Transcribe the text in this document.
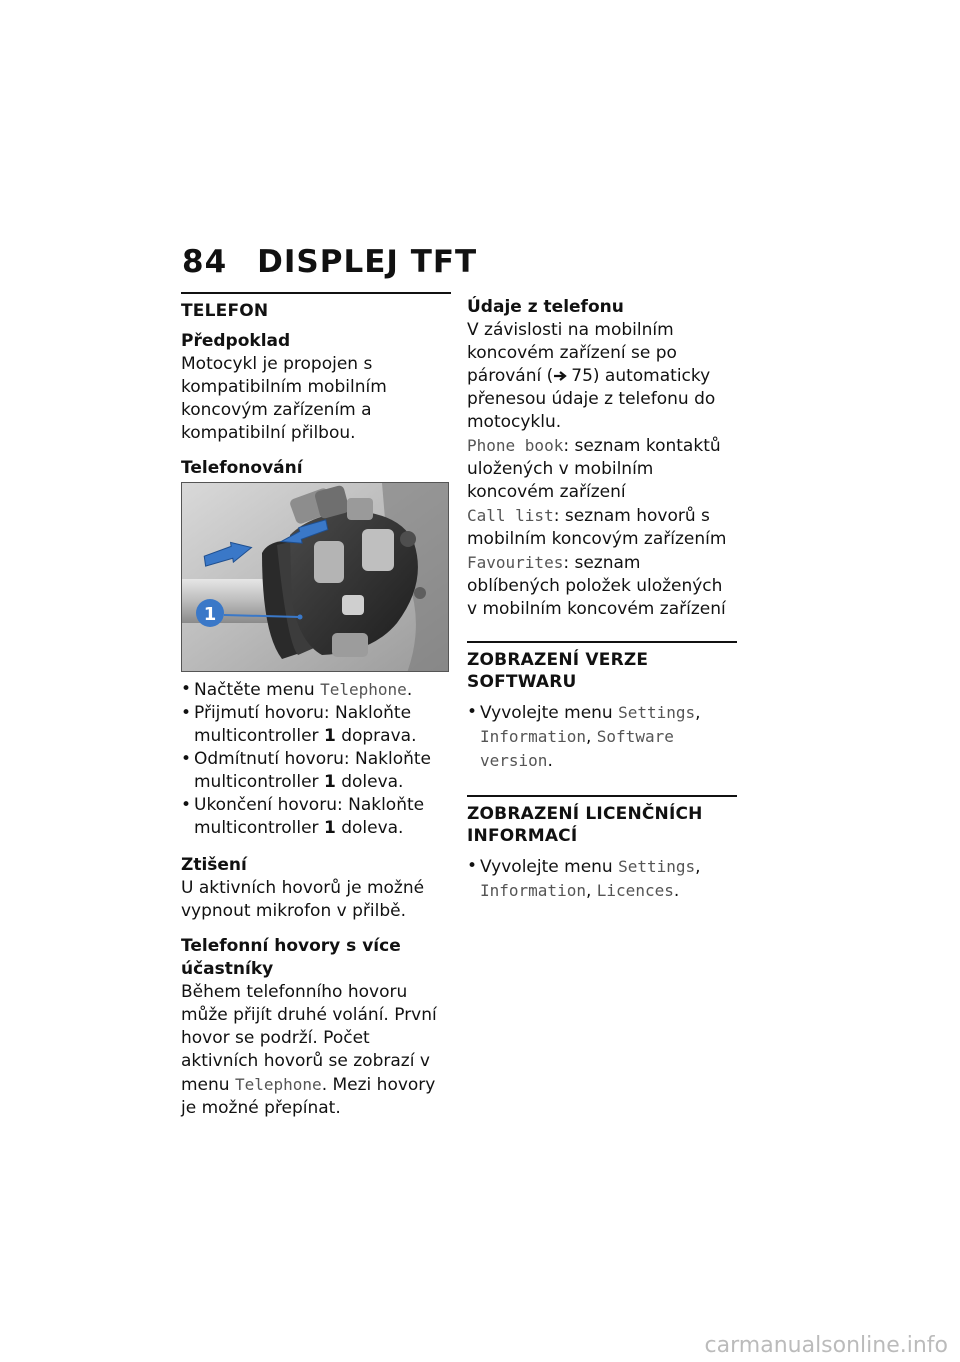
84 DISPLEJ TFT
TELEFON
Předpoklad

Motocykl je propojen s kompatibilním mobilním koncovým zařízením a kompatibilní přilbou.

Telefonování
1
• Načtěte menu Telephone.
• Přijmutí hovoru: Nakloňte multicontroller 1 doprava.
• Odmítnutí hovoru: Nakloňte multicontroller 1 doleva.
• Ukončení hovoru: Nakloňte multicontroller 1 doleva.
Ztišení

U aktivních hovorů je možné vypnout mikrofon v přilbě.

Telefonní hovory s více účastníky

Během telefonního hovoru může přijít druhé volání. První hovor se podrží. Počet aktivních hovorů se zobrazí v menu Telephone. Mezi hovory je možné přepínat.

Údaje z telefonu

V závislosti na mobilním koncovém zařízení se po párování ( 75) automaticky přenesou údaje z telefonu do motocyklu.

Phone book: seznam kontaktů uložených v mobilním koncovém zařízení

Call list: seznam hovorů s mobilním koncovým zařízením

Favourites: seznam oblíbených položek uložených v mobilním koncovém zařízení

ZOBRAZENÍ VERZE SOFTWARU
• Vyvolejte menu Settings, Information, Software version.
ZOBRAZENÍ LICENČNÍCH INFORMACÍ
• Vyvolejte menu Settings, Information, Licences.
carmanualsonline.info
